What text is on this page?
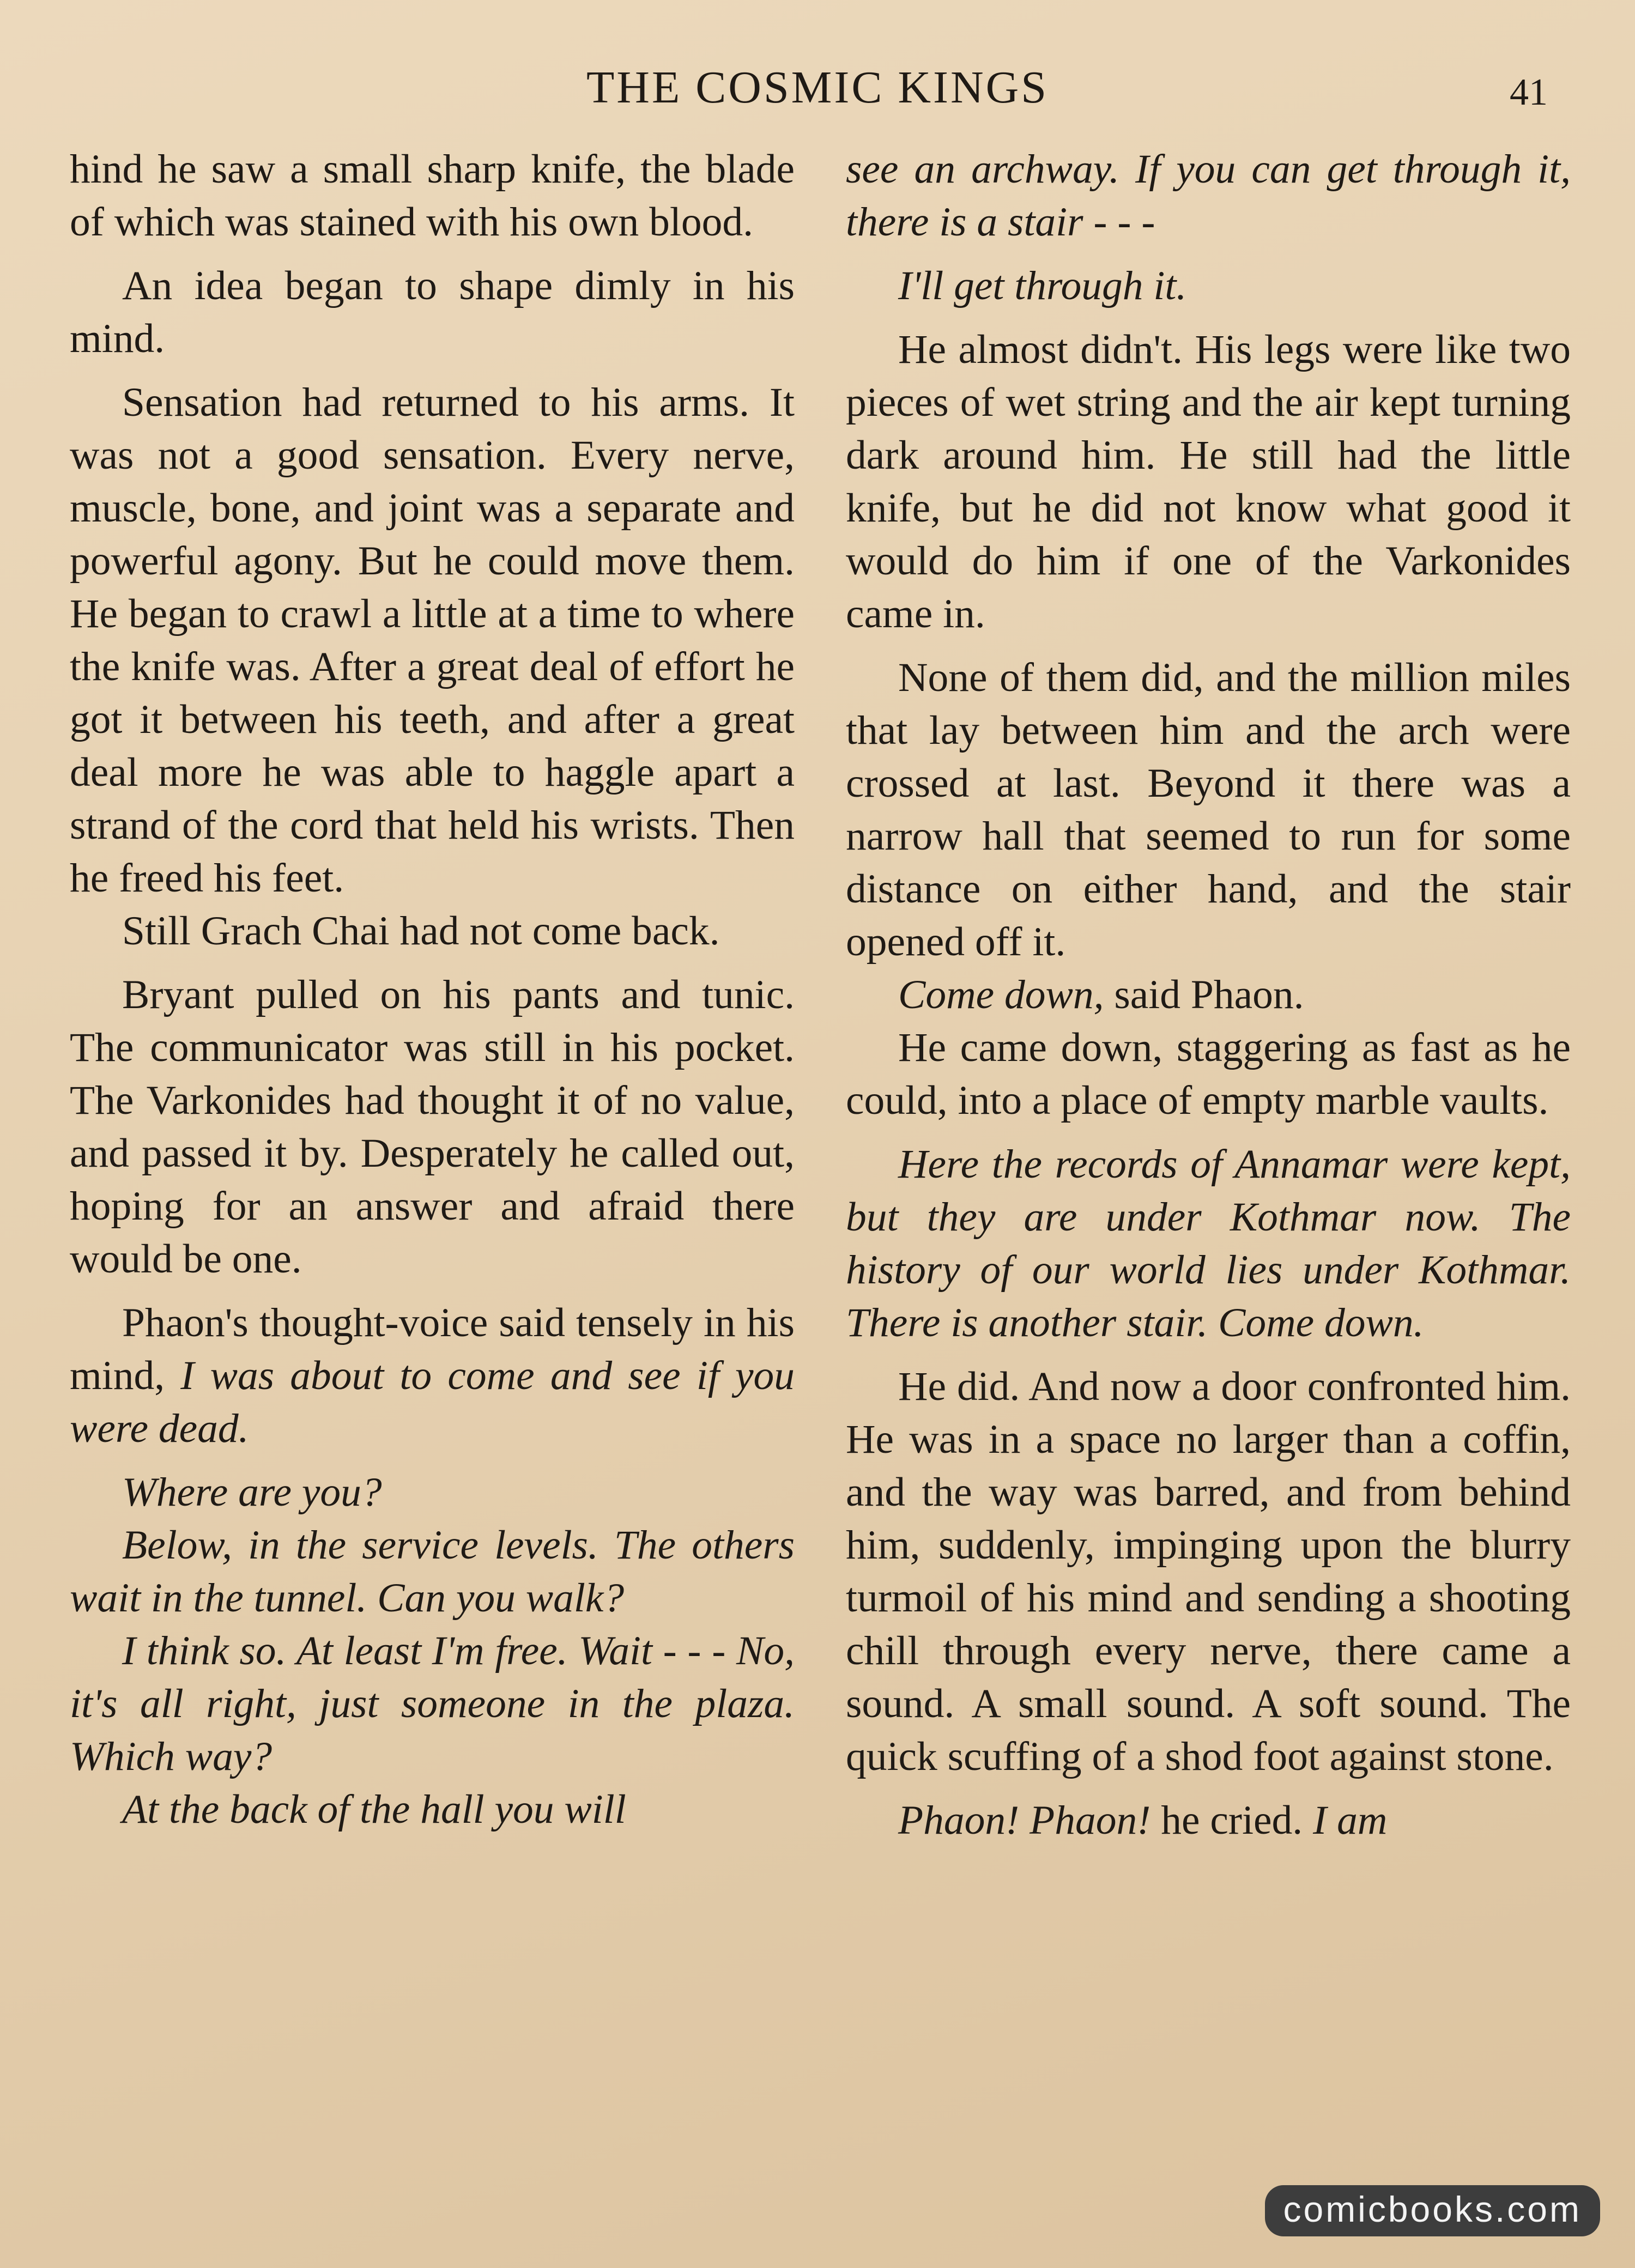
THE COSMIC KINGS	41

hind he saw a small sharp knife, the blade of which was stained with his own blood.

An idea began to shape dimly in his mind.

Sensation had returned to his arms. It was not a good sensation. Every nerve, muscle, bone, and joint was a separate and powerful agony. But he could move them. He began to crawl a little at a time to where the knife was. After a great deal of effort he got it between his teeth, and after a great deal more he was able to haggle apart a strand of the cord that held his wrists. Then he freed his feet.

Still Grach Chai had not come back.

Bryant pulled on his pants and tunic. The communicator was still in his pocket. The Varkonides had thought it of no value, and passed it by. Desperately he called out, hoping for an answer and afraid there would be one.

Phaon's thought-voice said tensely in his mind, I was about to come and see if you were dead.

Where are you?

Below, in the service levels. The others wait in the tunnel. Can you walk?

I think so. At least I'm free. Wait - - - No, it's all right, just someone in the plaza. Which way?

At the back of the hall you will

see an archway. If you can get through it, there is a stair - - -

I'll get through it.

He almost didn't. His legs were like two pieces of wet string and the air kept turning dark around him. He still had the little knife, but he did not know what good it would do him if one of the Varkonides came in.

None of them did, and the million miles that lay between him and the arch were crossed at last. Beyond it there was a narrow hall that seemed to run for some distance on either hand, and the stair opened off it.

Come down, said Phaon.

He came down, staggering as fast as he could, into a place of empty marble vaults.

Here the records of Annamar were kept, but they are under Kothmar now. The history of our world lies under Kothmar. There is another stair. Come down.

He did. And now a door confronted him. He was in a space no larger than a coffin, and the way was barred, and from behind him, suddenly, impinging upon the blurry turmoil of his mind and sending a shooting chill through every nerve, there came a sound. A small sound. A soft sound. The quick scuffing of a shod foot against stone.

Phaon! Phaon! he cried. I am

comicbooks.com
